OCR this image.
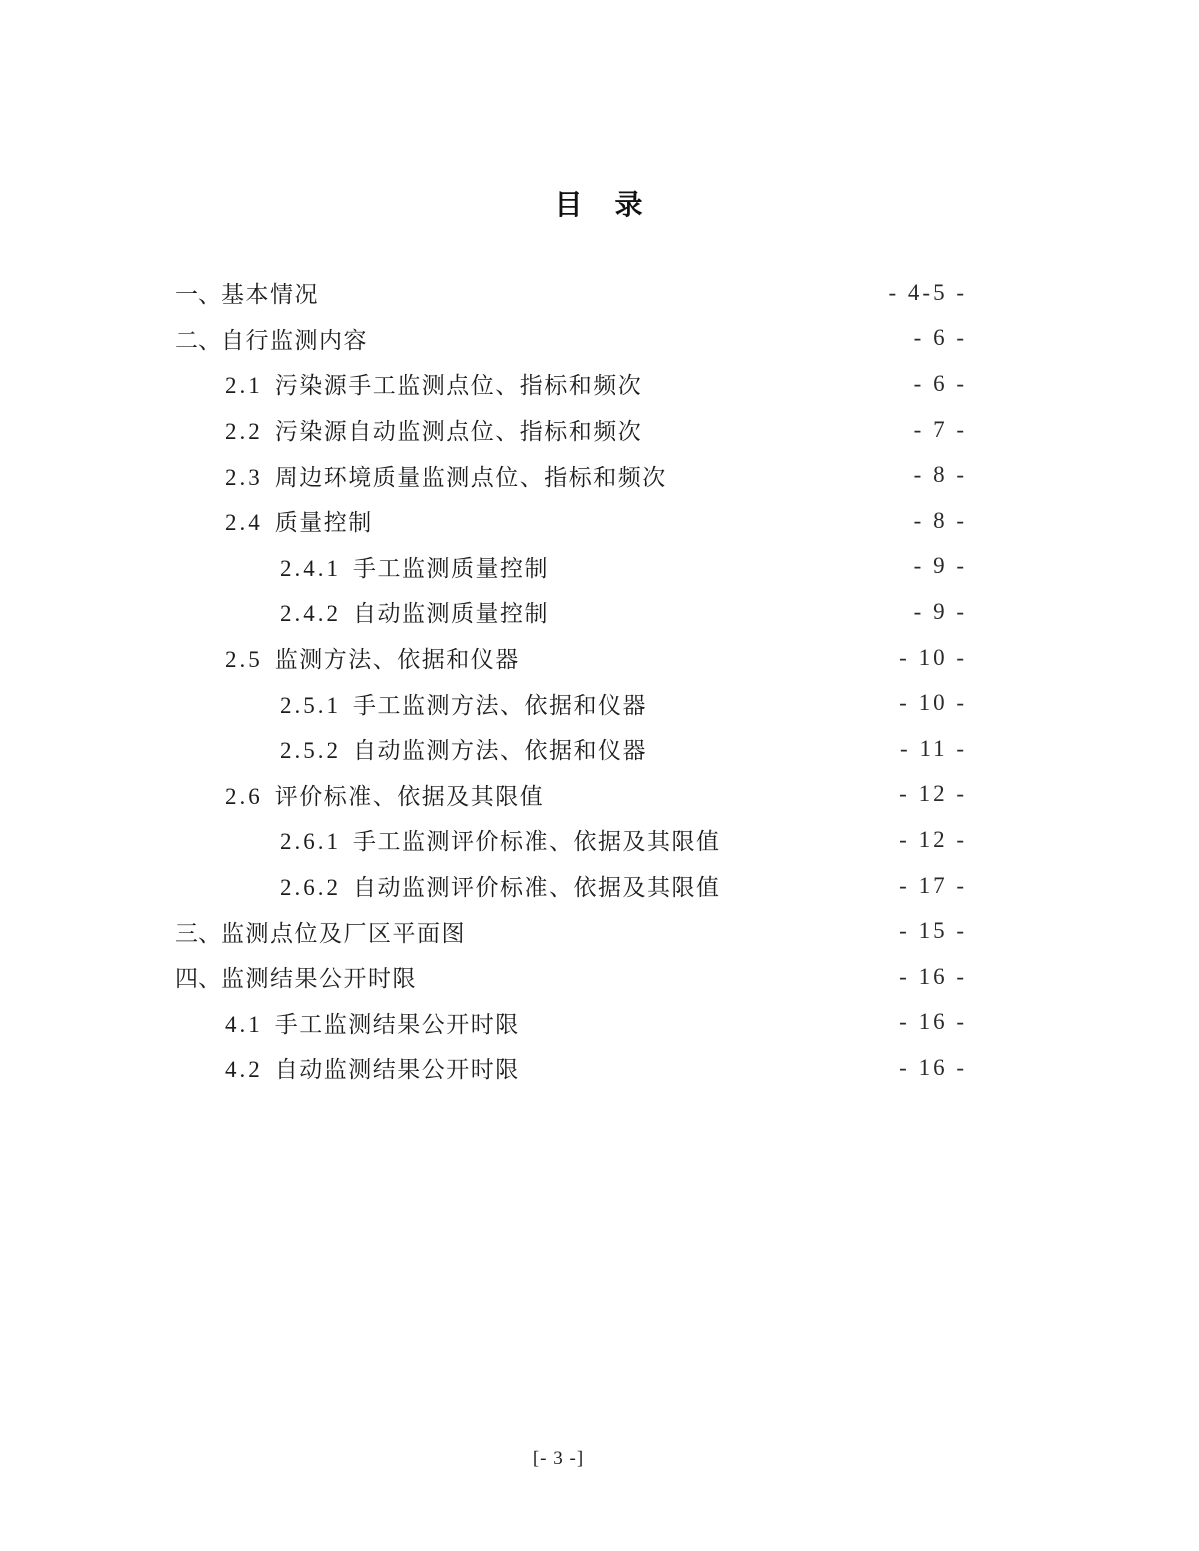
目　录
一、基本情况	- 4-5 -
二、自行监测内容	- 6 -
2.1 污染源手工监测点位、指标和频次	- 6 -
2.2 污染源自动监测点位、指标和频次	- 7 -
2.3 周边环境质量监测点位、指标和频次	- 8 -
2.4 质量控制	- 8 -
2.4.1 手工监测质量控制	- 9 -
2.4.2 自动监测质量控制	- 9 -
2.5 监测方法、依据和仪器	- 10 -
2.5.1 手工监测方法、依据和仪器	- 10 -
2.5.2 自动监测方法、依据和仪器	- 11 -
2.6 评价标准、依据及其限值	- 12 -
2.6.1 手工监测评价标准、依据及其限值	- 12 -
2.6.2 自动监测评价标准、依据及其限值	- 17 -
三、监测点位及厂区平面图	- 15 -
四、监测结果公开时限	- 16 -
4.1 手工监测结果公开时限	- 16 -
4.2 自动监测结果公开时限	- 16 -
[- 3 -]
